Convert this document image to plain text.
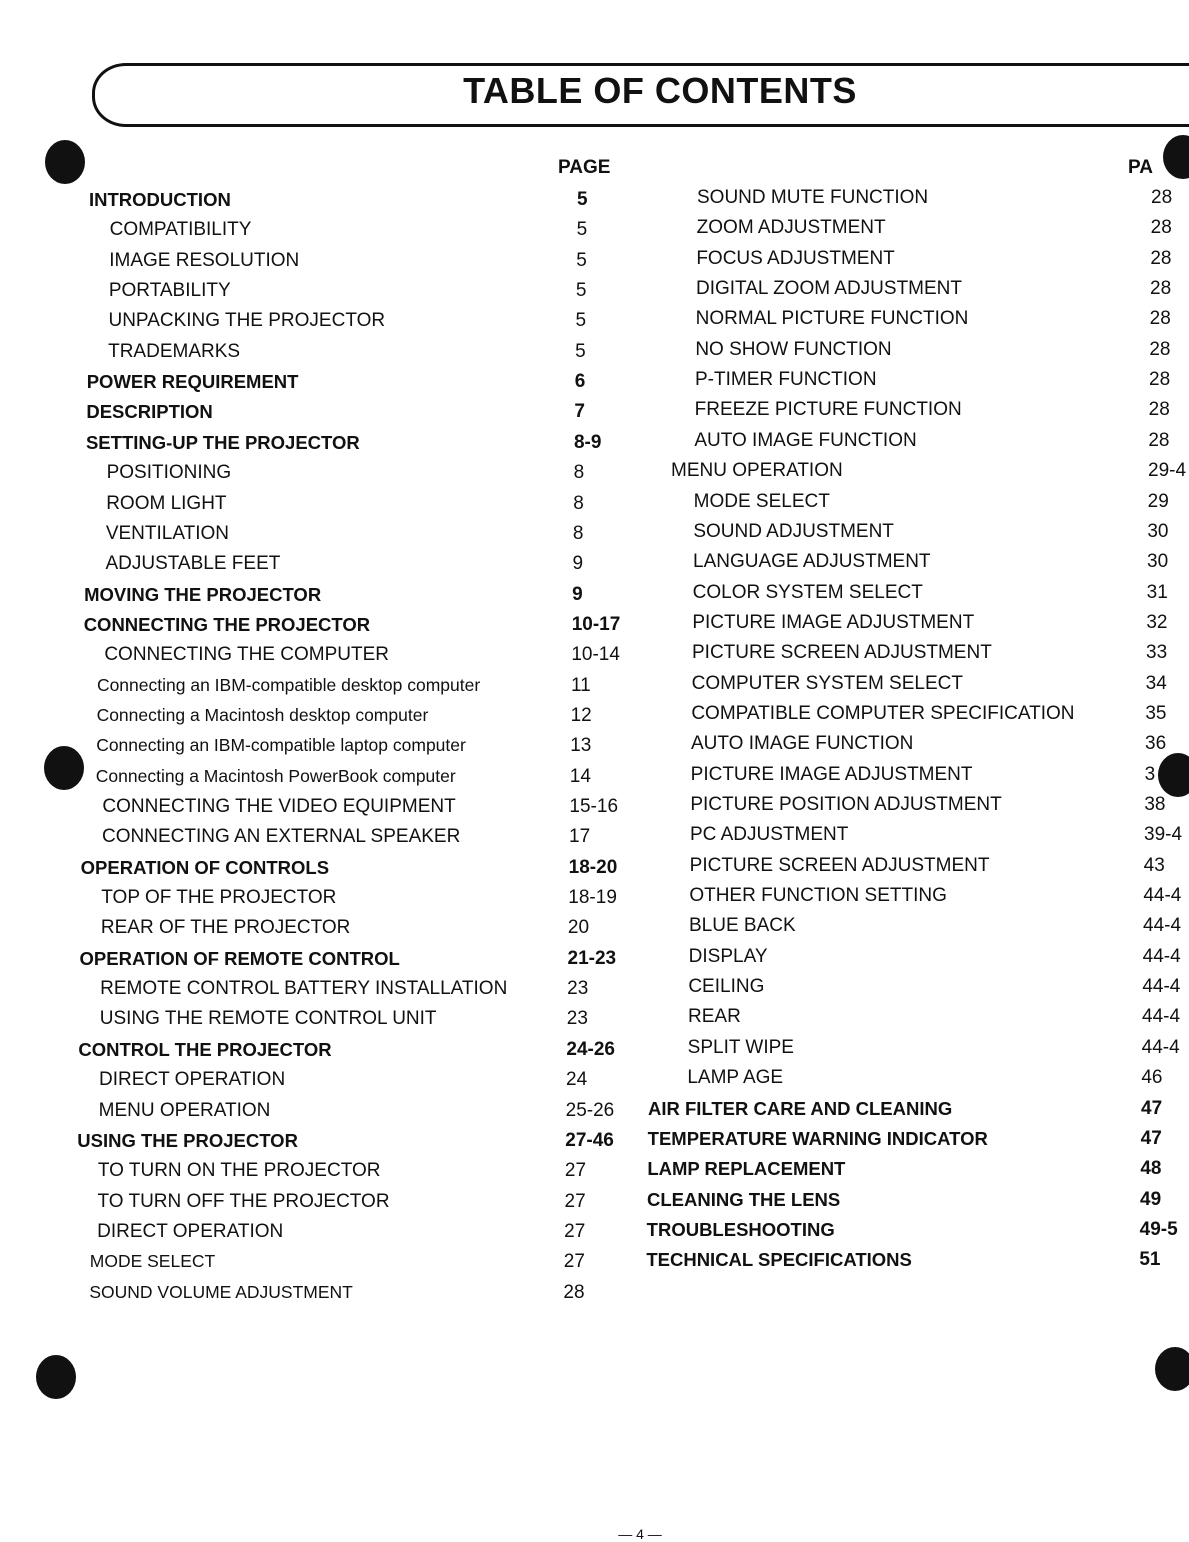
TABLE OF CONTENTS
PAGE	PA
INTRODUCTION	5
COMPATIBILITY	5
IMAGE RESOLUTION	5
PORTABILITY	5
UNPACKING THE PROJECTOR	5
TRADEMARKS	5
POWER REQUIREMENT	6
DESCRIPTION	7
SETTING-UP THE PROJECTOR	8-9
POSITIONING	8
ROOM LIGHT	8
VENTILATION	8
ADJUSTABLE FEET	9
MOVING THE PROJECTOR	9
CONNECTING THE PROJECTOR	10-17
CONNECTING THE COMPUTER	10-14
Connecting an IBM-compatible desktop computer	11
Connecting a Macintosh desktop computer	12
Connecting an IBM-compatible laptop computer	13
Connecting a Macintosh PowerBook computer	14
CONNECTING THE VIDEO EQUIPMENT	15-16
CONNECTING AN EXTERNAL SPEAKER	17
OPERATION OF CONTROLS	18-20
TOP OF THE PROJECTOR	18-19
REAR OF THE PROJECTOR	20
OPERATION OF REMOTE CONTROL	21-23
REMOTE CONTROL BATTERY INSTALLATION	23
USING THE REMOTE CONTROL UNIT	23
CONTROL THE PROJECTOR	24-26
DIRECT OPERATION	24
MENU OPERATION	25-26
USING THE PROJECTOR	27-46
TO TURN ON THE PROJECTOR	27
TO TURN OFF THE PROJECTOR	27
DIRECT OPERATION	27
MODE SELECT	27
SOUND VOLUME ADJUSTMENT	28
SOUND MUTE FUNCTION	28
ZOOM ADJUSTMENT	28
FOCUS ADJUSTMENT	28
DIGITAL ZOOM ADJUSTMENT	28
NORMAL PICTURE FUNCTION	28
NO SHOW FUNCTION	28
P-TIMER FUNCTION	28
FREEZE PICTURE FUNCTION	28
AUTO IMAGE FUNCTION	28
MENU OPERATION	29-4
MODE SELECT	29
SOUND ADJUSTMENT	30
LANGUAGE ADJUSTMENT	30
COLOR SYSTEM SELECT	31
PICTURE IMAGE ADJUSTMENT	32
PICTURE SCREEN ADJUSTMENT	33
COMPUTER SYSTEM SELECT	34
COMPATIBLE COMPUTER SPECIFICATION	35
AUTO IMAGE FUNCTION	36
PICTURE IMAGE ADJUSTMENT	3
PICTURE POSITION ADJUSTMENT	38
PC ADJUSTMENT	39-4
PICTURE SCREEN ADJUSTMENT	43
OTHER FUNCTION SETTING	44-4
BLUE BACK	44-4
DISPLAY	44-4
CEILING	44-4
REAR	44-4
SPLIT WIPE	44-4
LAMP AGE	46
AIR FILTER CARE AND CLEANING	47
TEMPERATURE WARNING INDICATOR	47
LAMP REPLACEMENT	48
CLEANING THE LENS	49
TROUBLESHOOTING	49-5
TECHNICAL SPECIFICATIONS	51
— 4 —
